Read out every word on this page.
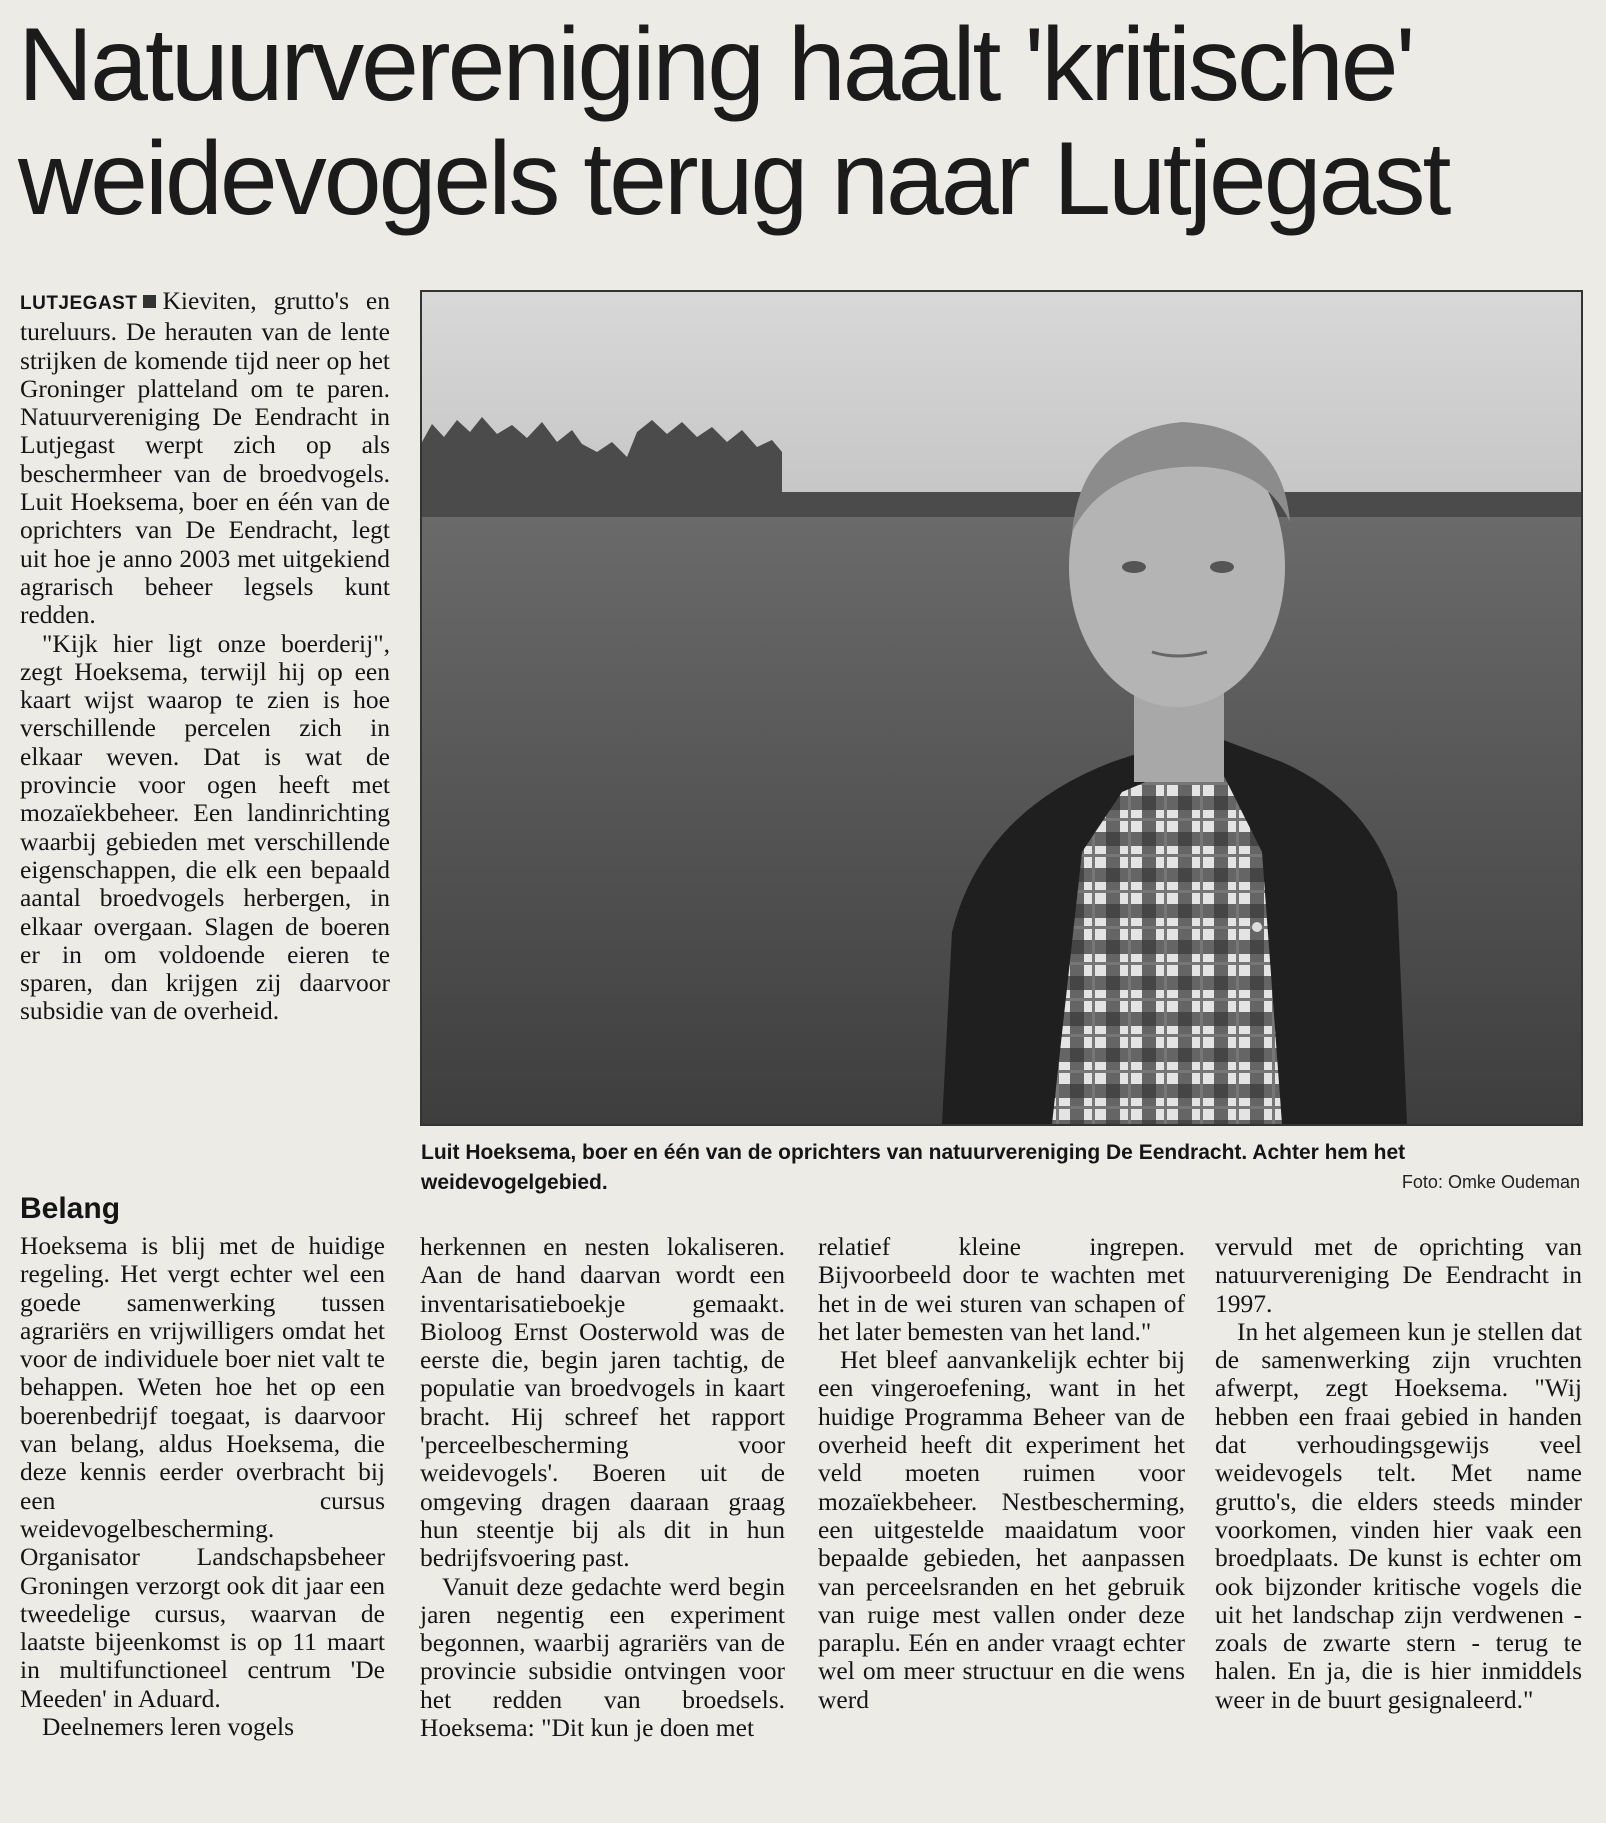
Natuurvereniging haalt 'kritische'
weidevogels terug naar Lutjegast

LUTJEGAST Kieviten, grutto's en tureluurs. De herauten van de lente strijken de komende tijd neer op het Groninger platteland om te paren. Natuurvereniging De Eendracht in Lutjegast werpt zich op als beschermheer van de broedvogels. Luit Hoeksema, boer en één van de oprichters van De Eendracht, legt uit hoe je anno 2003 met uitgekiend agrarisch beheer legsels kunt redden.

"Kijk hier ligt onze boerderij", zegt Hoeksema, terwijl hij op een kaart wijst waarop te zien is hoe verschillende percelen zich in elkaar weven. Dat is wat de provincie voor ogen heeft met mozaïekbeheer. Een landinrichting waarbij gebieden met verschillende eigenschappen, die elk een bepaald aantal broedvogels herbergen, in elkaar overgaan. Slagen de boeren er in om voldoende eieren te sparen, dan krijgen zij daarvoor subsidie van de overheid.

Belang

Hoeksema is blij met de huidige regeling. Het vergt echter wel een goede samenwerking tussen agrariërs en vrijwilligers omdat het voor de individuele boer niet valt te behappen. Weten hoe het op een boerenbedrijf toegaat, is daarvoor van belang, aldus Hoeksema, die deze kennis eerder overbracht bij een cursus weidevogelbescherming. Organisator Landschapsbeheer Groningen verzorgt ook dit jaar een tweedelige cursus, waarvan de laatste bijeenkomst is op 11 maart in multifunctioneel centrum 'De Meeden' in Aduard.

Deelnemers leren vogels

herkennen en nesten lokaliseren. Aan de hand daarvan wordt een inventarisatieboekje gemaakt. Bioloog Ernst Oosterwold was de eerste die, begin jaren tachtig, de populatie van broedvogels in kaart bracht. Hij schreef het rapport 'perceelbescherming voor weidevogels'. Boeren uit de omgeving dragen daaraan graag hun steentje bij als dit in hun bedrijfsvoering past.

Vanuit deze gedachte werd begin jaren negentig een experiment begonnen, waarbij agrariërs van de provincie subsidie ontvingen voor het redden van broedsels. Hoeksema: "Dit kun je doen met

relatief kleine ingrepen. Bijvoorbeeld door te wachten met het in de wei sturen van schapen of het later bemesten van het land."

Het bleef aanvankelijk echter bij een vingeroefening, want in het huidige Programma Beheer van de overheid heeft dit experiment het veld moeten ruimen voor mozaïekbeheer. Nestbescherming, een uitgestelde maaidatum voor bepaalde gebieden, het aanpassen van perceelsranden en het gebruik van ruige mest vallen onder deze paraplu. Eén en ander vraagt echter wel om meer structuur en die wens werd

vervuld met de oprichting van natuurvereniging De Eendracht in 1997.

In het algemeen kun je stellen dat de samenwerking zijn vruchten afwerpt, zegt Hoeksema. "Wij hebben een fraai gebied in handen dat verhoudingsgewijs veel weidevogels telt. Met name grutto's, die elders steeds minder voorkomen, vinden hier vaak een broedplaats. De kunst is echter om ook bijzonder kritische vogels die uit het landschap zijn verdwenen - zoals de zwarte stern - terug te halen. En ja, die is hier inmiddels weer in de buurt gesignaleerd."

Luit Hoeksema, boer en één van de oprichters van natuurvereniging De Eendracht. Achter hem het weidevogelgebied.	Foto: Omke Oudeman
